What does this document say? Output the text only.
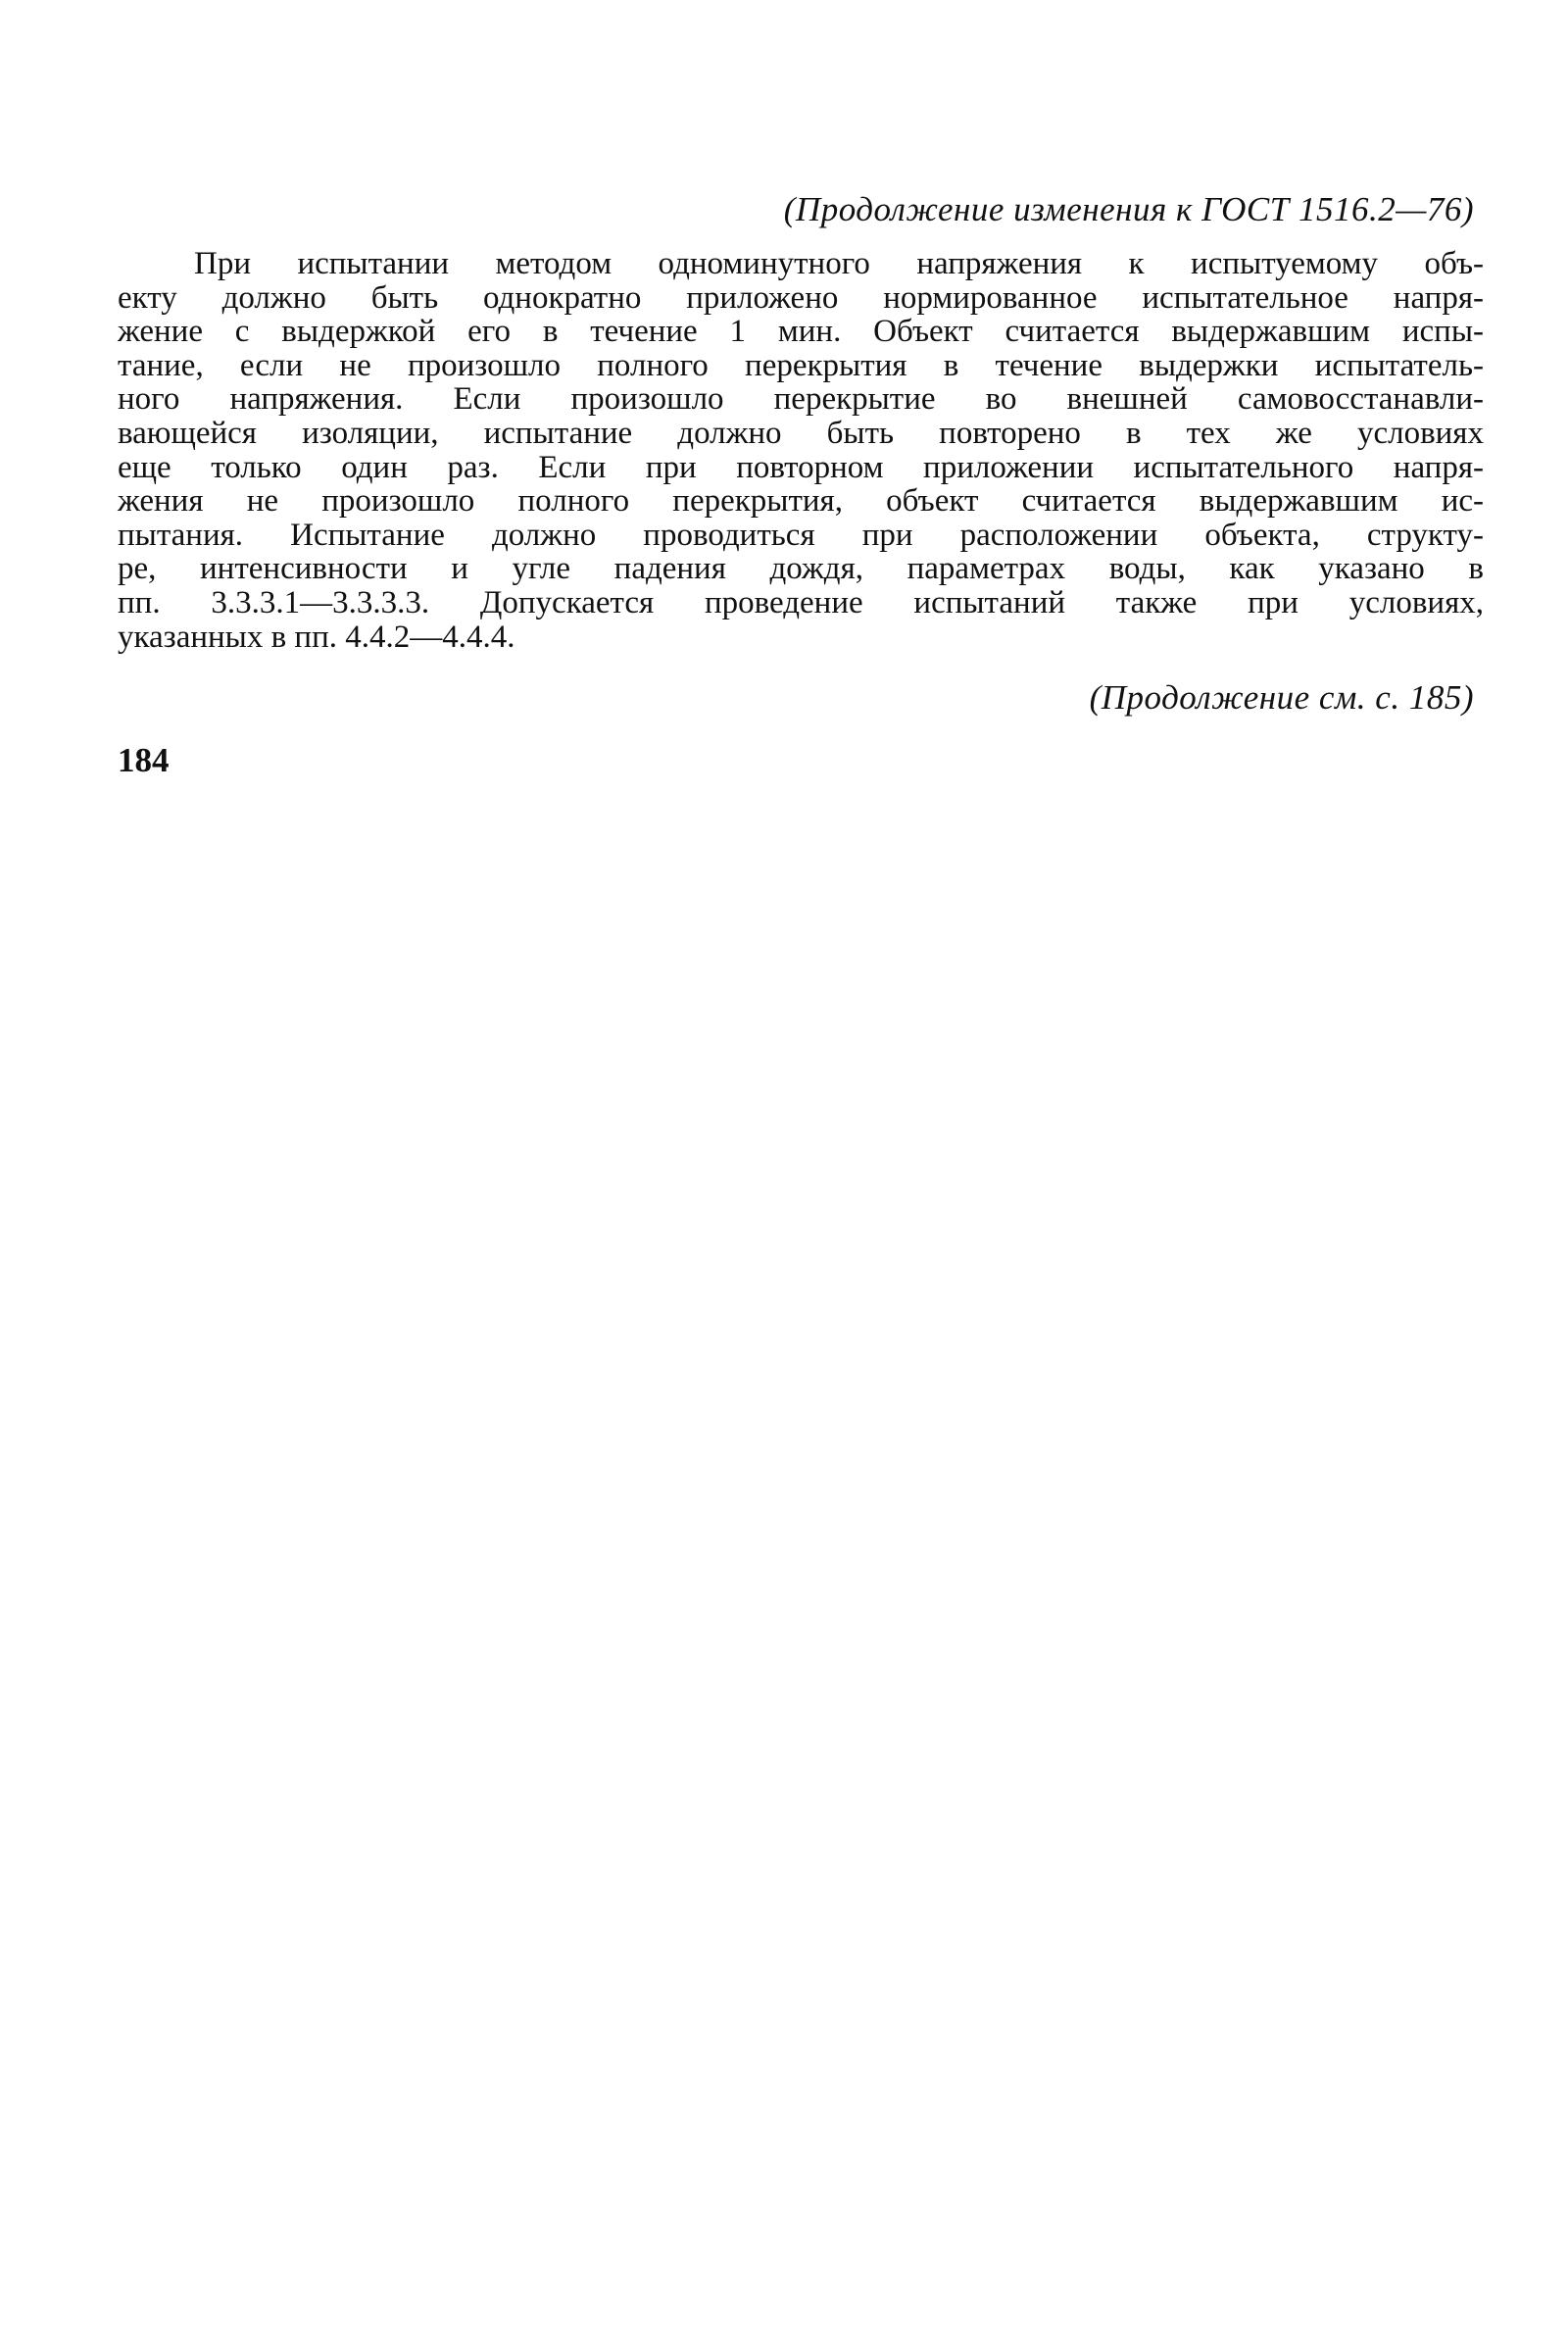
(Продолжение изменения к ГОСТ 1516.2—76)
При испытании методом одноминутного напряжения к испытуемому объ-
екту должно быть однократно приложено нормированное испытательное напря-
жение с выдержкой его в течение 1 мин. Объект считается выдержавшим испы-
тание, если не произошло полного перекрытия в течение выдержки испытатель-
ного напряжения. Если произошло перекрытие во внешней самовосстанавли-
вающейся изоляции, испытание должно быть повторено в тех же условиях
еще только один раз. Если при повторном приложении испытательного напря-
жения не произошло полного перекрытия, объект считается выдержавшим ис-
пытания. Испытание должно проводиться при расположении объекта, структу-
ре, интенсивности и угле падения дождя, параметрах воды, как указано в
пп. 3.3.3.1—3.3.3.3. Допускается проведение испытаний также при условиях,
указанных в пп. 4.4.2—4.4.4.
(Продолжение см. с. 185)
184
